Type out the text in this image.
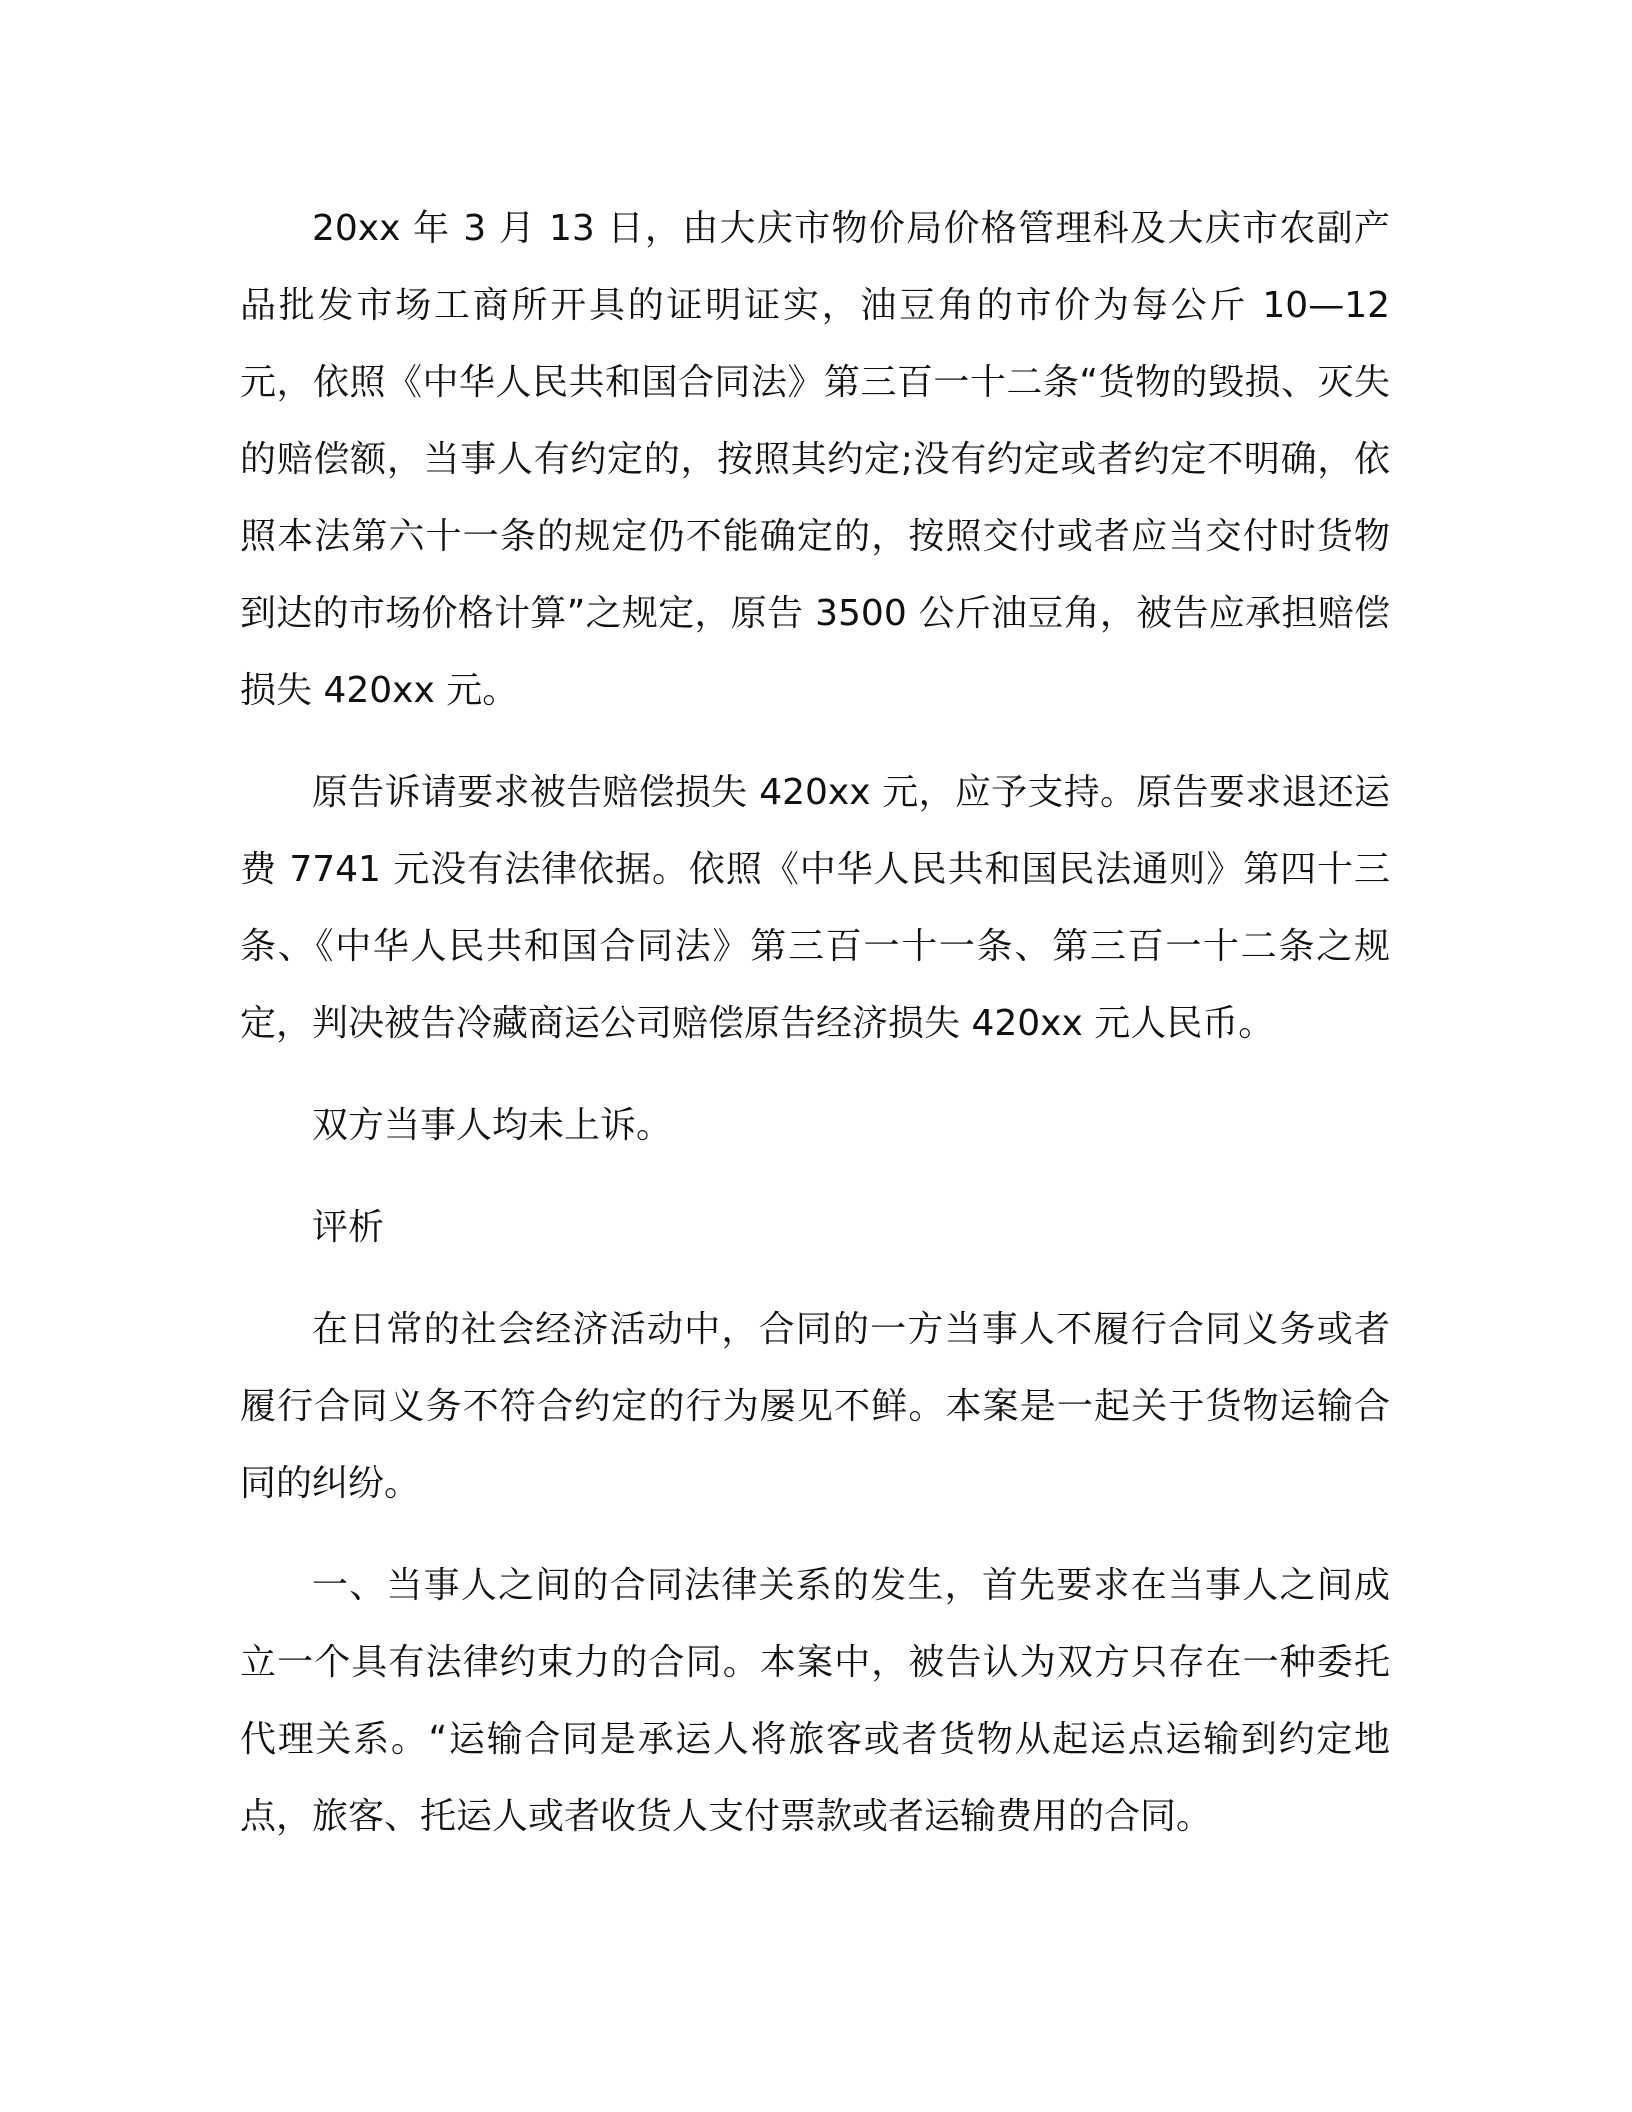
20xx 年 3 月 13 日，由大庆市物价局价格管理科及大庆市农副产品批发市场工商所开具的证明证实，油豆角的市价为每公斤 10—12 元，依照《中华人民共和国合同法》第三百一十二条“货物的毁损、灭失的赔偿额，当事人有约定的，按照其约定;没有约定或者约定不明确，依照本法第六十一条的规定仍不能确定的，按照交付或者应当交付时货物到达的市场价格计算”之规定，原告 3500 公斤油豆角，被告应承担赔偿损失 420xx 元。

原告诉请要求被告赔偿损失 420xx 元，应予支持。原告要求退还运费 7741 元没有法律依据。依照《中华人民共和国民法通则》第四十三条、《中华人民共和国合同法》第三百一十一条、第三百一十二条之规定，判决被告冷藏商运公司赔偿原告经济损失 420xx 元人民币。

双方当事人均未上诉。

评析

在日常的社会经济活动中，合同的一方当事人不履行合同义务或者履行合同义务不符合约定的行为屡见不鲜。本案是一起关于货物运输合同的纠纷。

一、当事人之间的合同法律关系的发生，首先要求在当事人之间成立一个具有法律约束力的合同。本案中，被告认为双方只存在一种委托代理关系。“运输合同是承运人将旅客或者货物从起运点运输到约定地点，旅客、托运人或者收货人支付票款或者运输费用的合同。
